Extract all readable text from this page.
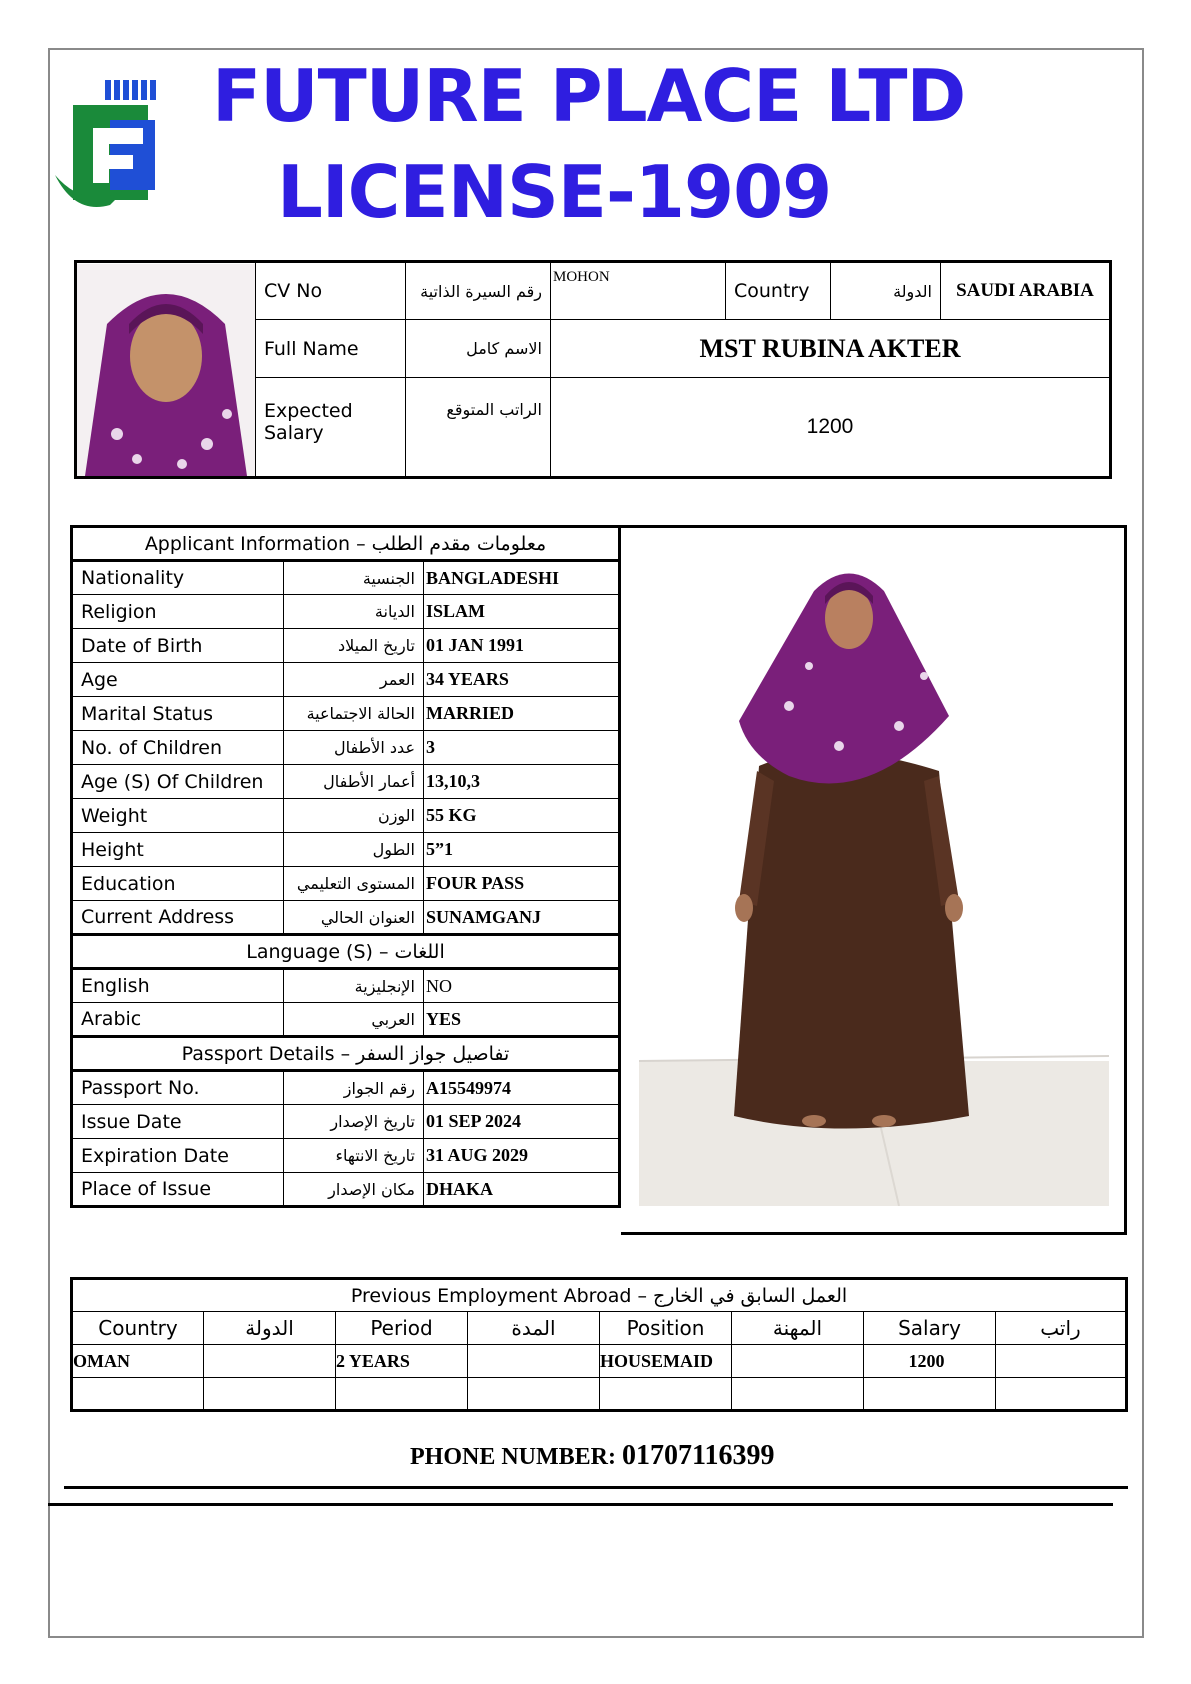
FUTURE PLACE LTD
LICENSE-1909
	CV No	رقم السيرة الذاتية	MOHON	Country	الدولة	SAUDI ARABIA
	Full Name	الاسم كامل	MST RUBINA AKTER			
	Expected Salary	الراتب المتوقع	1200			
Applicant Information – معلومات مقدم الطلب		
Nationality	الجنسية	BANGLADESHI
Religion	الديانة	ISLAM
Date of Birth	تاريخ الميلاد	01 JAN 1991
Age	العمر	34 YEARS
Marital Status	الحالة الاجتماعية	MARRIED
No. of Children	عدد الأطفال	3
Age (S) Of Children	أعمار الأطفال	13,10,3
Weight	الوزن	55 KG
Height	الطول	5”1
Education	المستوى التعليمي	FOUR PASS
Current Address	العنوان الحالي	SUNAMGANJ
Language (S) – اللغات		
English	الإنجليزية	NO
Arabic	العربي	YES
Passport Details – تفاصيل جواز السفر		
Passport No.	رقم الجواز	A15549974
Issue Date	تاريخ الإصدار	01 SEP 2024
Expiration Date	تاريخ الانتهاء	31 AUG 2029
Place of Issue	مكان الإصدار	DHAKA
Previous Employment Abroad – العمل السابق في الخارج							
Country	الدولة	Period	المدة	Position	المهنة	Salary	راتب
OMAN		2 YEARS		HOUSEMAID		1200	

PHONE NUMBER: 01707116399
